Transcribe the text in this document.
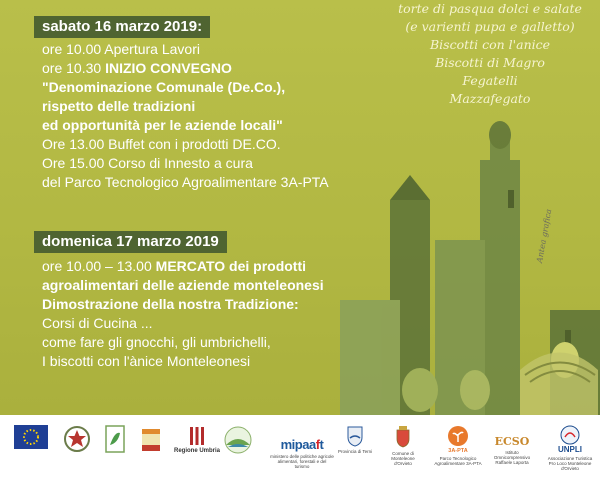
torte di pasqua dolci e salate
(e varienti pupa e galletto)
Biscotti con l'anice
Biscotti di Magro
Fegatelli
Mazzafegato
sabato 16 marzo 2019:
ore 10.00 Apertura Lavori
ore 10.30 INIZIO CONVEGNO
"Denominazione Comunale (De.Co.),
rispetto delle tradizioni
ed opportunità per le aziende locali"
Ore 13.00 Buffet con i prodotti DE.CO.
Ore 15.00 Corso di Innesto a cura
del Parco Tecnologico Agroalimentare 3A-PTA
domenica 17 marzo 2019
ore 10.00 – 13.00 MERCATO dei prodotti
agroalimentari delle aziende monteleonesi
Dimostrazione della nostra Tradizione:
Corsi di Cucina ...
come fare gli gnocchi, gli umbrichelli,
I biscotti con l'ànice Monteleonesi
Antea grafica
Regione Umbria	mipaaft
ministero delle politiche agricole alimentari, forestali e del turismo
Provincia di Terni	Comune di Monteleone d'Orvieto
3A-PTA
Parco Tecnologico Agroalimentare 3A-PTA
ECSO
Istituto Omnicomprensivo Raffaele Laporta
UNPLI
Associazione Turistica Pro Loco Monteleone d'Orvieto
